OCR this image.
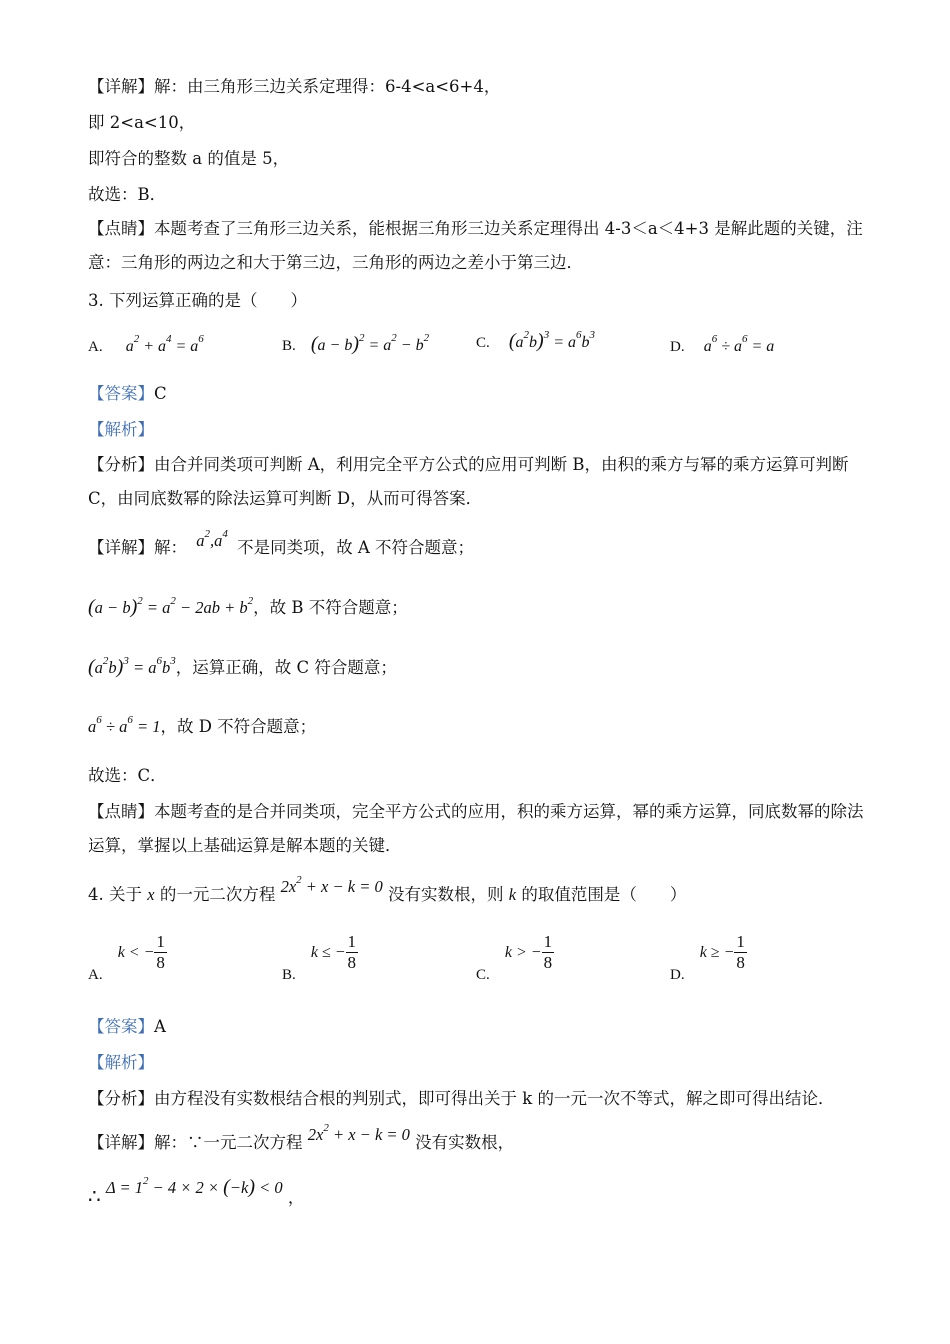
【详解】解：由三角形三边关系定理得：6-4<a<6+4，
即 2<a<10，
即符合的整数 a 的值是 5，
故选：B．
【点睛】本题考查了三角形三边关系，能根据三角形三边关系定理得出 4-3＜a＜4+3 是解此题的关键，注意：三角形的两边之和大于第三边，三角形的两边之差小于第三边．
3. 下列运算正确的是（　　）
A. $a^2 + a^4 = a^6$	B. $(a - b)^2 = a^2 - b^2$	C. $(a^2b)^3 = a^6b^3$
D. $a^6 \div a^6 = a$
【答案】C
【解析】
【分析】由合并同类项可判断 A，利用完全平方公式的应用可判断 B，由积的乘方与幂的乘方运算可判断 C，由同底数幂的除法运算可判断 D，从而可得答案．
【详解】解： $a^2,a^4$ 不是同类项，故 A 不符合题意；
$(a - b)^2 = a^2 - 2ab + b^2$，故 B 不符合题意；
$(a^2b)^3 = a^6b^3$，运算正确，故 C 符合题意；
$a^6 \div a^6 = 1$，故 D 不符合题意；
故选：C．
【点睛】本题考查的是合并同类项，完全平方公式的应用，积的乘方运算，幂的乘方运算，同底数幂的除法运算，掌握以上基础运算是解本题的关键．
4. 关于 x 的一元二次方程 $2x^2 + x - k = 0$ 没有实数根，则 k 的取值范围是（　　）
A. k < − $\frac{1}{8}$
B. k ≤ − $\frac{1}{8}$
C. k > − $\frac{1}{8}$
D. k ≥ − $\frac{1}{8}$
【答案】A
【解析】
【分析】由方程没有实数根结合根的判别式，即可得出关于 k 的一元一次不等式，解之即可得出结论．
【详解】解：∵一元二次方程 $2x^2 + x - k = 0$ 没有实数根，
∴ $\Delta = 1^2 - 4 \times 2 \times (-k) < 0$ ，
